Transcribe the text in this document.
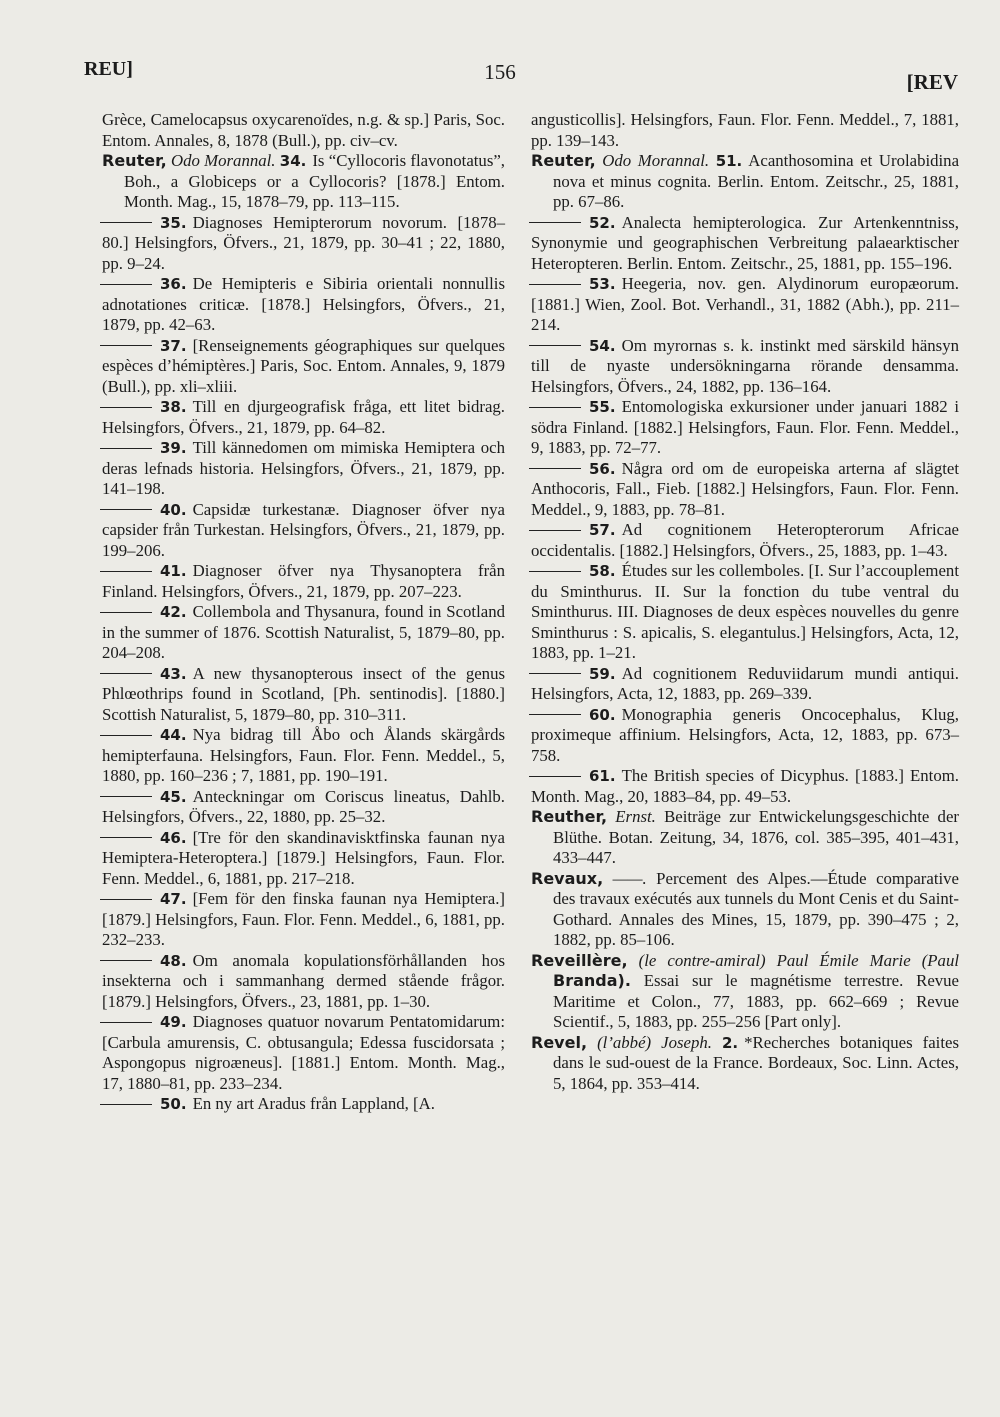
REU]	156	[REV

Grèce, Camelocapsus oxycarenoïdes, n.g. & sp.] Paris, Soc. Entom. Annales, 8, 1878 (Bull.), pp. civ–cv.

Reuter, Odo Morannal. 34. Is “Cyllocoris flavonotatus”, Boh., a Globiceps or a Cyllocoris? [1878.] Entom. Month. Mag., 15, 1878–79, pp. 113–115.

35. Diagnoses Hemipterorum novorum. [1878–80.] Helsingfors, Öfvers., 21, 1879, pp. 30–41 ; 22, 1880, pp. 9–24.

36. De Hemipteris e Sibiria orientali nonnullis adnotationes criticæ. [1878.] Helsingfors, Öfvers., 21, 1879, pp. 42–63.

37. [Renseignements géographiques sur quelques espèces d’hémiptères.] Paris, Soc. Entom. Annales, 9, 1879 (Bull.), pp. xli–xliii.

38. Till en djurgeografisk fråga, ett litet bidrag. Helsingfors, Öfvers., 21, 1879, pp. 64–82.

39. Till kännedomen om mimiska Hemiptera och deras lefnads historia. Helsingfors, Öfvers., 21, 1879, pp. 141–198.

40. Capsidæ turkestanæ. Diagnoser öfver nya capsider från Turkestan. Helsingfors, Öfvers., 21, 1879, pp. 199–206.

41. Diagnoser öfver nya Thysanoptera från Finland. Helsingfors, Öfvers., 21, 1879, pp. 207–223.

42. Collembola and Thysanura, found in Scotland in the summer of 1876. Scottish Naturalist, 5, 1879–80, pp. 204–208.

43. A new thysanopterous insect of the genus Phlœothrips found in Scotland, [Ph. sentinodis]. [1880.] Scottish Naturalist, 5, 1879–80, pp. 310–311.

44. Nya bidrag till Åbo och Ålands skärgårds hemipterfauna. Helsingfors, Faun. Flor. Fenn. Meddel., 5, 1880, pp. 160–236 ; 7, 1881, pp. 190–191.

45. Anteckningar om Coriscus lineatus, Dahlb. Helsingfors, Öfvers., 22, 1880, pp. 25–32.

46. [Tre för den skandinavisktfinska faunan nya Hemiptera-Heteroptera.] [1879.] Helsingfors, Faun. Flor. Fenn. Meddel., 6, 1881, pp. 217–218.

47. [Fem för den finska faunan nya Hemiptera.] [1879.] Helsingfors, Faun. Flor. Fenn. Meddel., 6, 1881, pp. 232–233.

48. Om anomala kopulationsförhållanden hos insekterna och i sammanhang dermed stående frågor. [1879.] Helsingfors, Öfvers., 23, 1881, pp. 1–30.

49. Diagnoses quatuor novarum Pentatomidarum: [Carbula amurensis, C. obtusangula; Edessa fuscidorsata ; Aspongopus nigroæneus]. [1881.] Entom. Month. Mag., 17, 1880–81, pp. 233–234.

50. En ny art Aradus från Lappland, [A.

angusticollis]. Helsingfors, Faun. Flor. Fenn. Meddel., 7, 1881, pp. 139–143.

Reuter, Odo Morannal. 51. Acanthosomina et Urolabidina nova et minus cognita. Berlin. Entom. Zeitschr., 25, 1881, pp. 67–86.

52. Analecta hemipterologica. Zur Artenkenntniss, Synonymie und geographischen Verbreitung palaearktischer Heteropteren. Berlin. Entom. Zeitschr., 25, 1881, pp. 155–196.

53. Heegeria, nov. gen. Alydinorum europæorum. [1881.] Wien, Zool. Bot. Verhandl., 31, 1882 (Abh.), pp. 211–214.

54. Om myrornas s. k. instinkt med särskild hänsyn till de nyaste undersökningarna rörande densamma. Helsingfors, Öfvers., 24, 1882, pp. 136–164.

55. Entomologiska exkursioner under januari 1882 i södra Finland. [1882.] Helsingfors, Faun. Flor. Fenn. Meddel., 9, 1883, pp. 72–77.

56. Några ord om de europeiska arterna af slägtet Anthocoris, Fall., Fieb. [1882.] Helsingfors, Faun. Flor. Fenn. Meddel., 9, 1883, pp. 78–81.

57. Ad cognitionem Heteropterorum Africae occidentalis. [1882.] Helsingfors, Öfvers., 25, 1883, pp. 1–43.

58. Études sur les collemboles. [I. Sur l’accouplement du Sminthurus. II. Sur la fonction du tube ventral du Sminthurus. III. Diagnoses de deux espèces nouvelles du genre Sminthurus : S. apicalis, S. elegantulus.] Helsingfors, Acta, 12, 1883, pp. 1–21.

59. Ad cognitionem Reduviidarum mundi antiqui. Helsingfors, Acta, 12, 1883, pp. 269–339.

60. Monographia generis Oncocephalus, Klug, proximeque affinium. Helsingfors, Acta, 12, 1883, pp. 673–758.

61. The British species of Dicyphus. [1883.] Entom. Month. Mag., 20, 1883–84, pp. 49–53.

Reuther, Ernst. Beiträge zur Entwickelungsgeschichte der Blüthe. Botan. Zeitung, 34, 1876, col. 385–395, 401–431, 433–447.

Revaux, ——. Percement des Alpes.—Étude comparative des travaux exécutés aux tunnels du Mont Cenis et du Saint-Gothard. Annales des Mines, 15, 1879, pp. 390–475 ; 2, 1882, pp. 85–106.

Reveillère, (le contre-amiral) Paul Émile Marie (Paul Branda). Essai sur le magnétisme terrestre. Revue Maritime et Colon., 77, 1883, pp. 662–669 ; Revue Scientif., 5, 1883, pp. 255–256 [Part only].

Revel, (l’abbé) Joseph. 2. *Recherches botaniques faites dans le sud-ouest de la France. Bordeaux, Soc. Linn. Actes, 5, 1864, pp. 353–414.
